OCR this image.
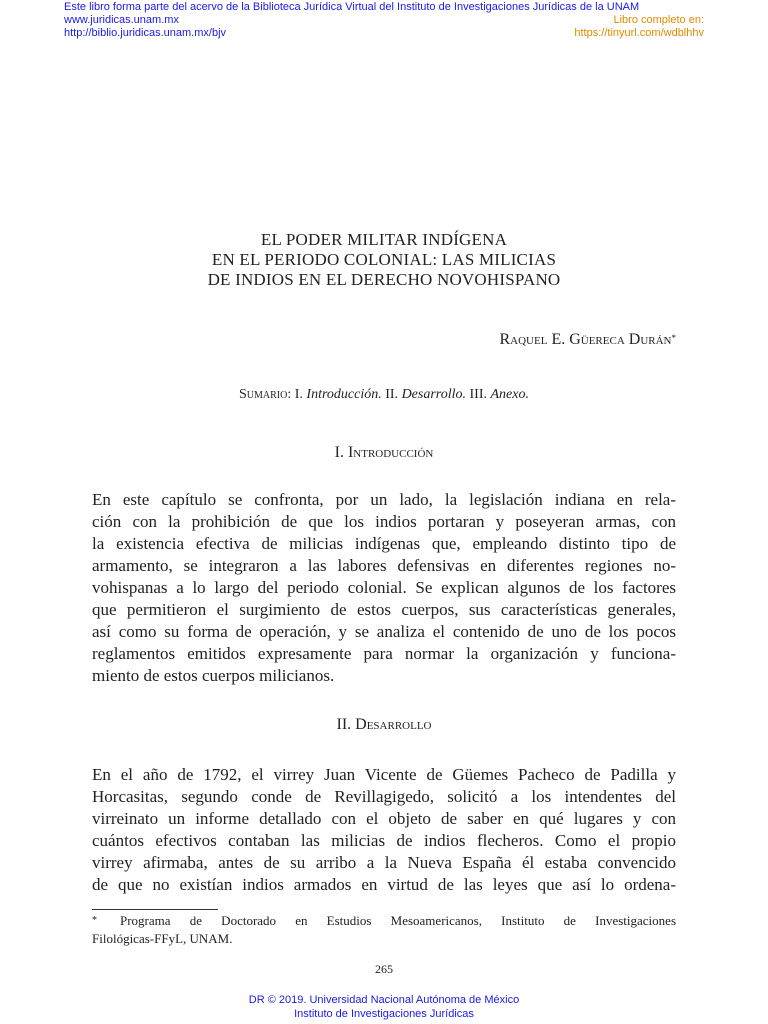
Este libro forma parte del acervo de la Biblioteca Jurídica Virtual del Instituto de Investigaciones Jurídicas de la UNAM
www.juridicas.unam.mx
http://biblio.juridicas.unam.mx/bjv
Libro completo en:
https://tinyurl.com/wdblhhv
EL PODER MILITAR INDÍGENA
EN EL PERIODO COLONIAL: LAS MILICIAS
DE INDIOS EN EL DERECHO NOVOHISPANO
Raquel E. Güereca Durán*
Sumario: I. Introducción. II. Desarrollo. III. Anexo.
I. Introducción
En este capítulo se confronta, por un lado, la legislación indiana en rela-
ción con la prohibición de que los indios portaran y poseyeran armas, con
la existencia efectiva de milicias indígenas que, empleando distinto tipo de
armamento, se integraron a las labores defensivas en diferentes regiones no-
vohispanas a lo largo del periodo colonial. Se explican algunos de los factores
que permitieron el surgimiento de estos cuerpos, sus características generales,
así como su forma de operación, y se analiza el contenido de uno de los pocos
reglamentos emitidos expresamente para normar la organización y funciona-
miento de estos cuerpos milicianos.
II. Desarrollo
En el año de 1792, el virrey Juan Vicente de Güemes Pacheco de Padilla y
Horcasitas, segundo conde de Revillagigedo, solicitó a los intendentes del
virreinato un informe detallado con el objeto de saber en qué lugares y con
cuántos efectivos contaban las milicias de indios flecheros. Como el propio
virrey afirmaba, antes de su arribo a la Nueva España él estaba convencido
de que no existían indios armados en virtud de las leyes que así lo ordena-
* Programa de Doctorado en Estudios Mesoamericanos, Instituto de Investigaciones
Filológicas-FFyL, UNAM.
265
DR © 2019. Universidad Nacional Autónoma de México
Instituto de Investigaciones Jurídicas
